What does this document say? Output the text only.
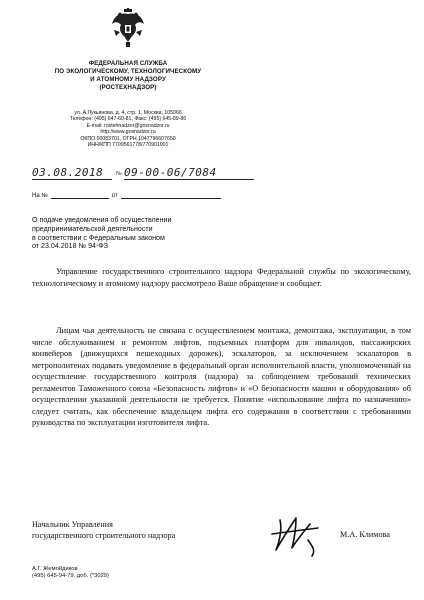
ФЕДЕРАЛЬНАЯ СЛУЖБА
ПО ЭКОЛОГИЧЕСКОМУ, ТЕХНОЛОГИЧЕСКОМУ
И АТОМНОМУ НАДЗОРУ
(РОСТЕХНАДЗОР)
ул. А.Лукьянова, д. 4, стр. 1, Москва, 105066
Телефон: (495) 647-60-81, Факс: (495) 645-89-86
E-mail: rostehnadzor@gosnadzor.ru
http://www.gosnadzor.ru
ОКПО 00083701, ОГРН 1047796607650
ИНН/КПП 7709561778/770901001
03.08.2018	№ 09-00-06/7084
На №	от
О подаче уведомления об осуществлении
предпринимательской деятельности
в соответствии с Федеральным законом
от 23.04.2018 № 94-ФЗ

Управление государственного строительного надзора Федеральной службы по экологическому, технологическому и атомному надзору рассмотрело Ваше обращение и сообщает.

Лицам чья деятельность не связана с осуществлением монтажа, демонтажа, эксплуатации, в том числе обслуживанием и ремонтом лифтов, подъемных платформ для инвалидов, пассажирских конвейеров (движущихся пешеходных дорожек), эскалаторов, за исключением эскалаторов в метрополитенах подавать уведомление в федеральный орган исполнительной власти, уполномоченный на осуществление государственного контроля (надзора) за соблюдением требований технических регламентов Таможенного союза «Безопасность лифтов» и «О безопасности машин и оборудования» об осуществлении указанной деятельности не требуется. Понятие «использование лифта по назначению» следует считать, как обеспечение владельцем лифта его содержания в соответствии с требованиями руководства по эксплуатации изготовителя лифта.

Начальник Управления
государственного строительного надзора	М.А. Климова
А.Г. Жемойдиков
(495) 645-94-79, доб. (*3029)
